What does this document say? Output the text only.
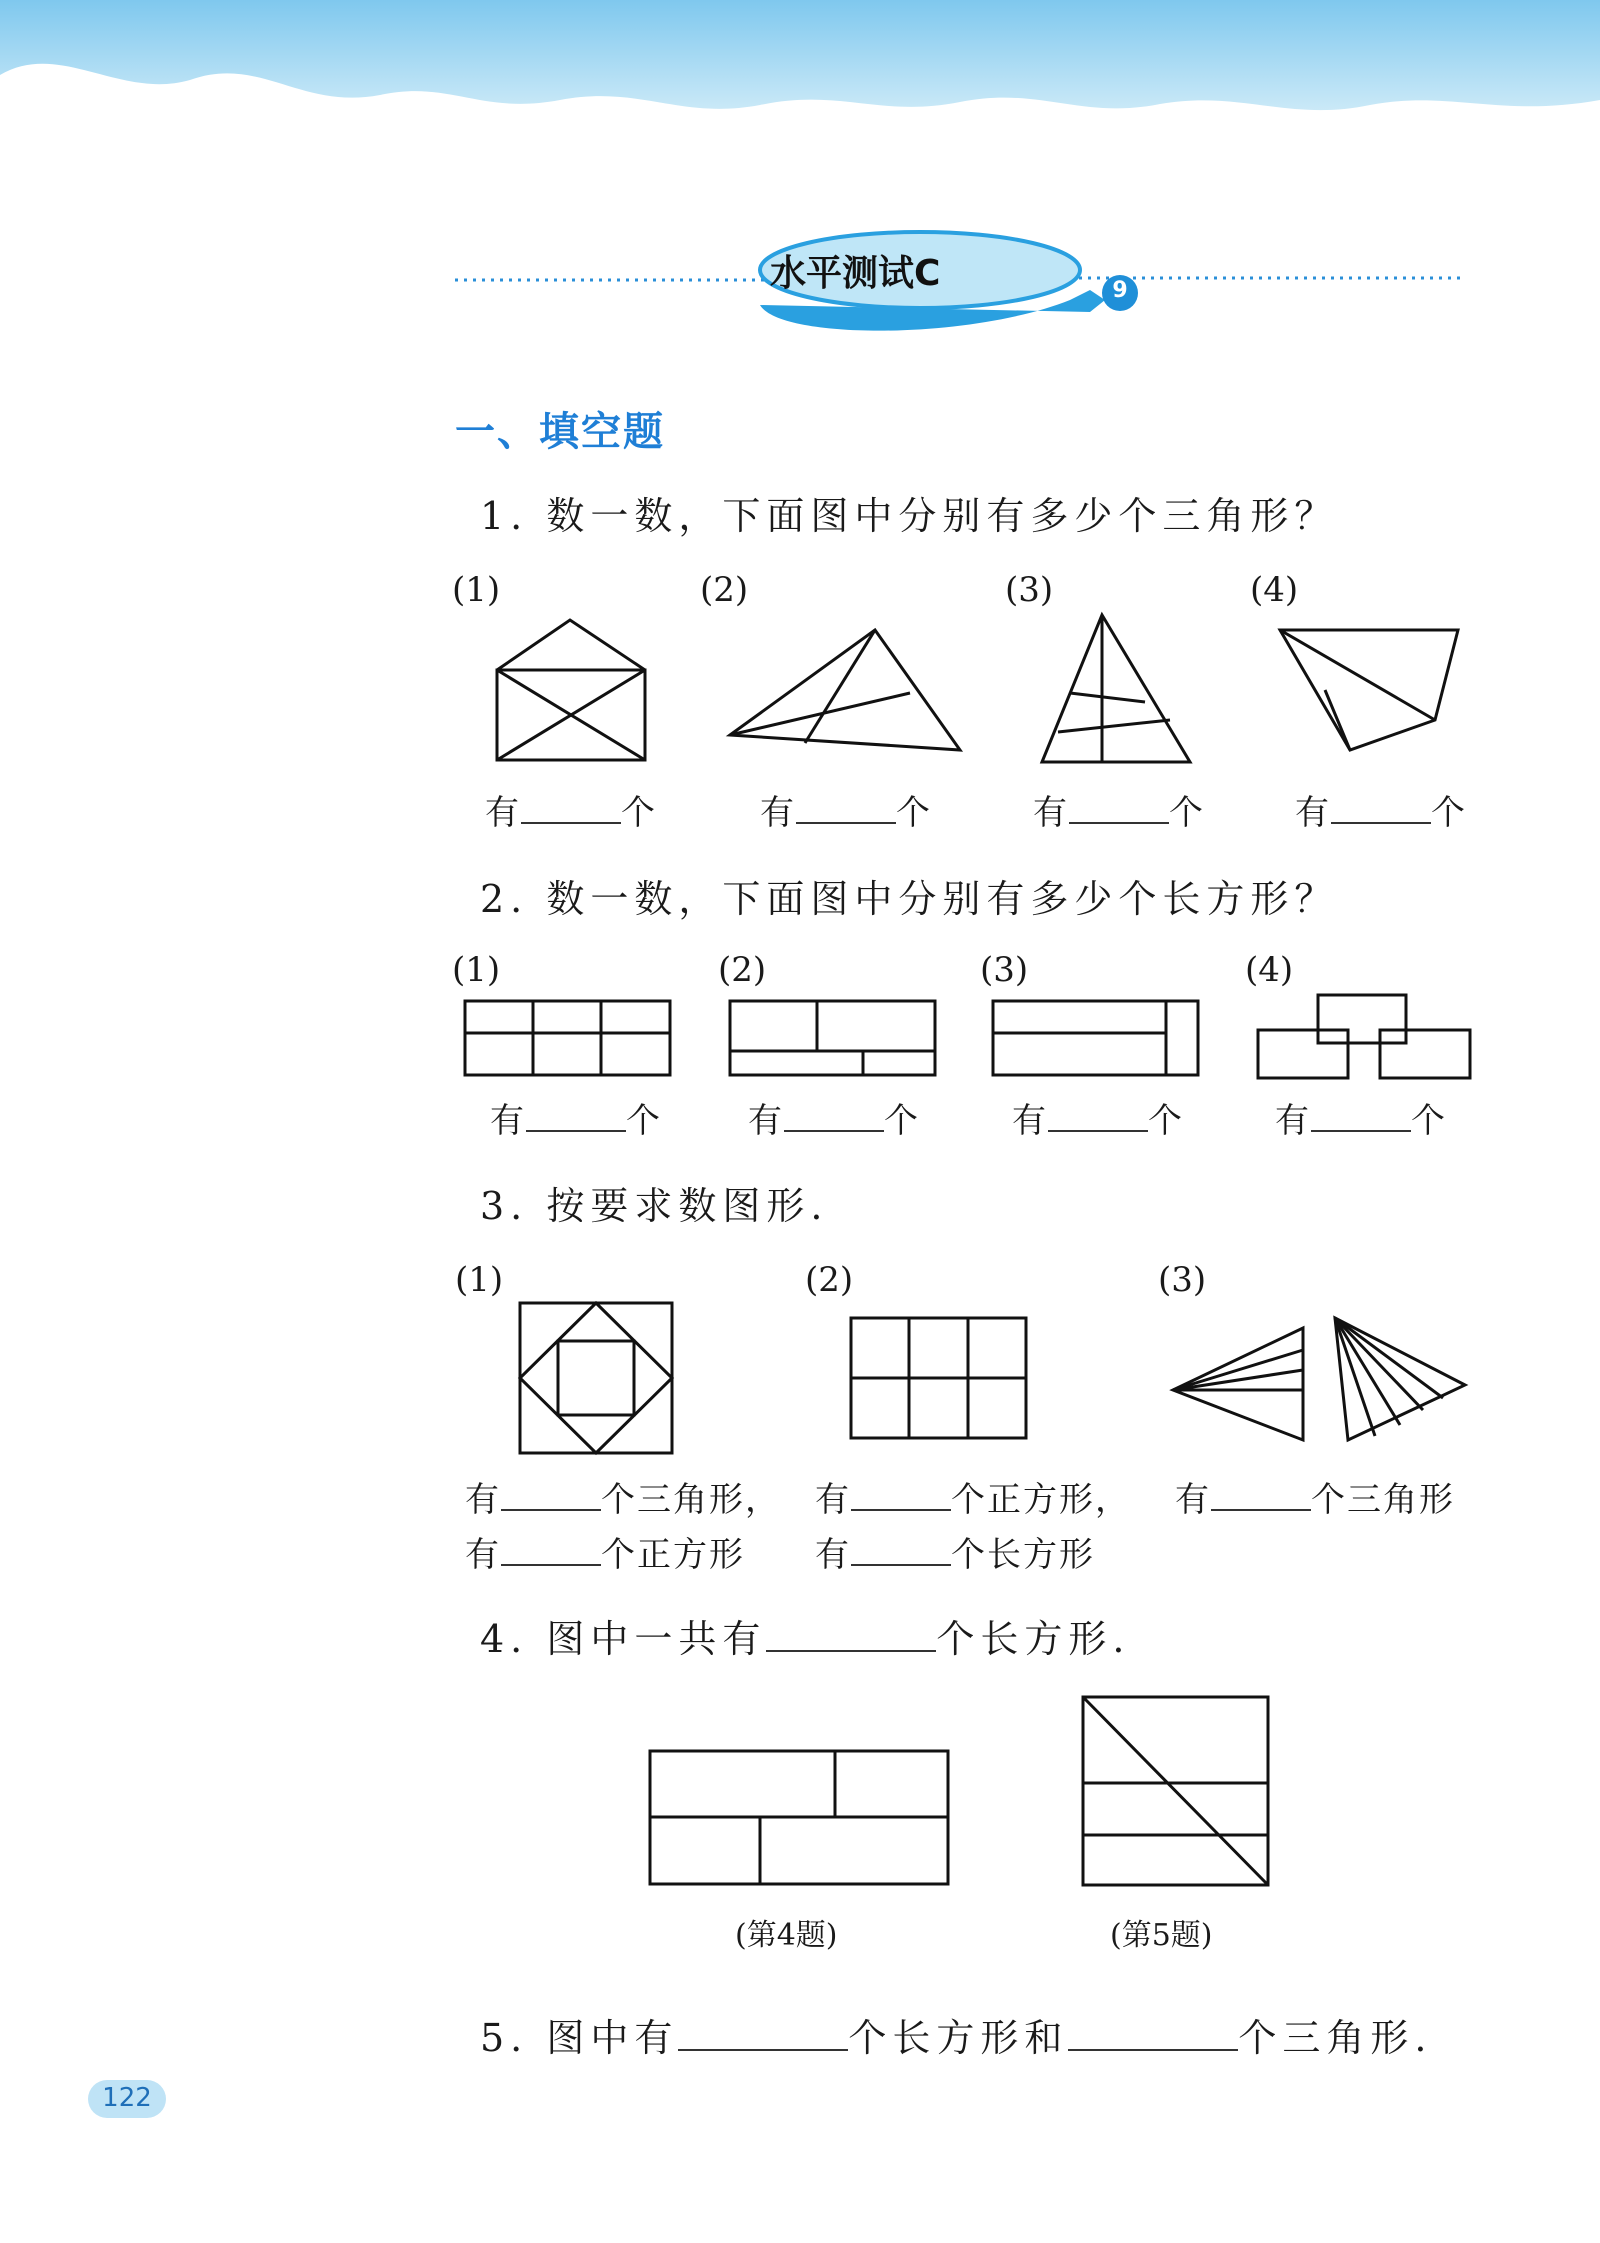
水平测试C	9
一、填空题
1. 数一数，下面图中分别有多少个三角形？
(1)	(2)	(3)	(4)
有	个	有	个	有	个	有	个
2. 数一数，下面图中分别有多少个长方形？
(1)	(2)	(3)	(4)
有	个	有	个	有	个	有	个
3. 按要求数图形.
(1)	(2)	(3)
有	个三角形，
有	个正方形
有	个正方形，
有	个长方形
有	个三角形
4. 图中一共有	个长方形.
(第4题)	(第5题)
5. 图中有	个长方形和	个三角形.
122
